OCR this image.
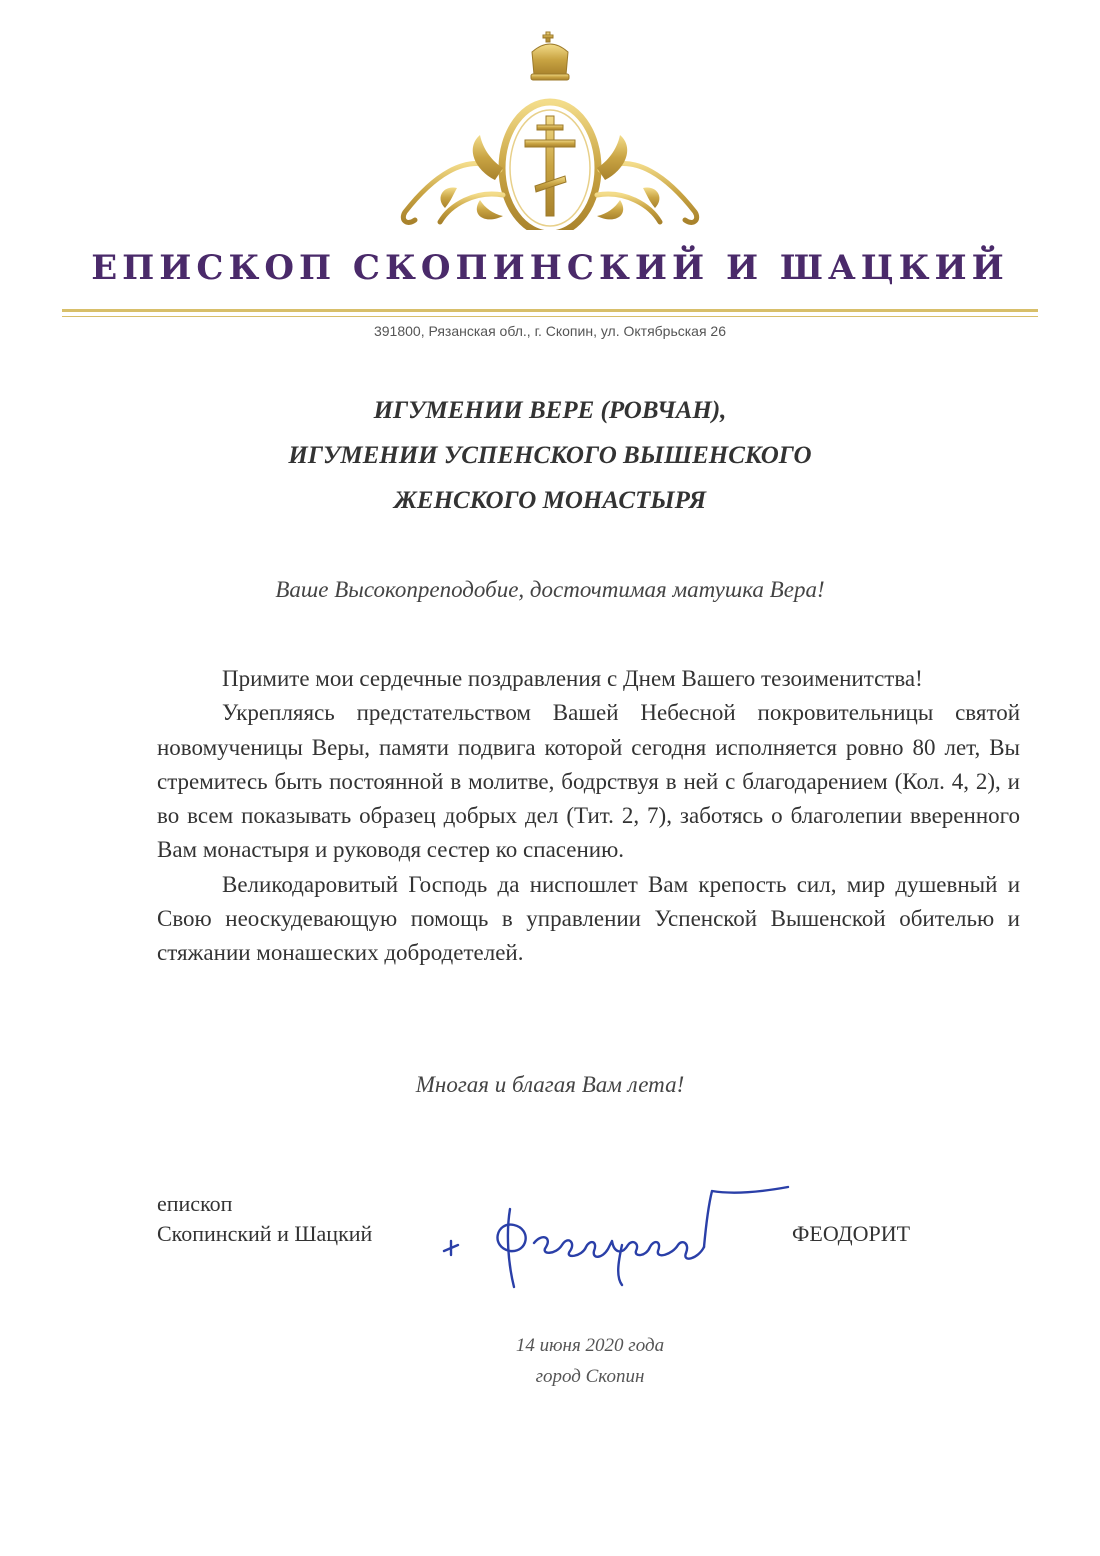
ЕПИСКОП СКОПИНСКИЙ И ШАЦКИЙ
391800, Рязанская обл., г. Скопин, ул. Октябрьская 26
ИГУМЕНИИ ВЕРЕ (РОВЧАН),
ИГУМЕНИИ УСПЕНСКОГО ВЫШЕНСКОГО
ЖЕНСКОГО МОНАСТЫРЯ
Ваше Высокопреподобие, досточтимая матушка Вера!

Примите мои сердечные поздравления с Днем Вашего тезоименитства!

Укрепляясь предстательством Вашей Небесной покровительницы святой новомученицы Веры, памяти подвига которой сегодня исполняется ровно 80 лет, Вы стремитесь быть постоянной в молитве, бодрствуя в ней с благодарением (Кол. 4, 2), и во всем показывать образец добрых дел (Тит. 2, 7), заботясь о благолепии вверенного Вам монастыря и руководя сестер ко спасению.

Великодаровитый Господь да ниспошлет Вам крепость сил, мир душевный и Свою неоскудевающую помощь в управлении Успенской Вышенской обителью и стяжании монашеских добродетелей.

Многая и благая Вам лета!
епископ
Скопинский и Шацкий	ФЕОДОРИТ
14 июня 2020 года
город Скопин
